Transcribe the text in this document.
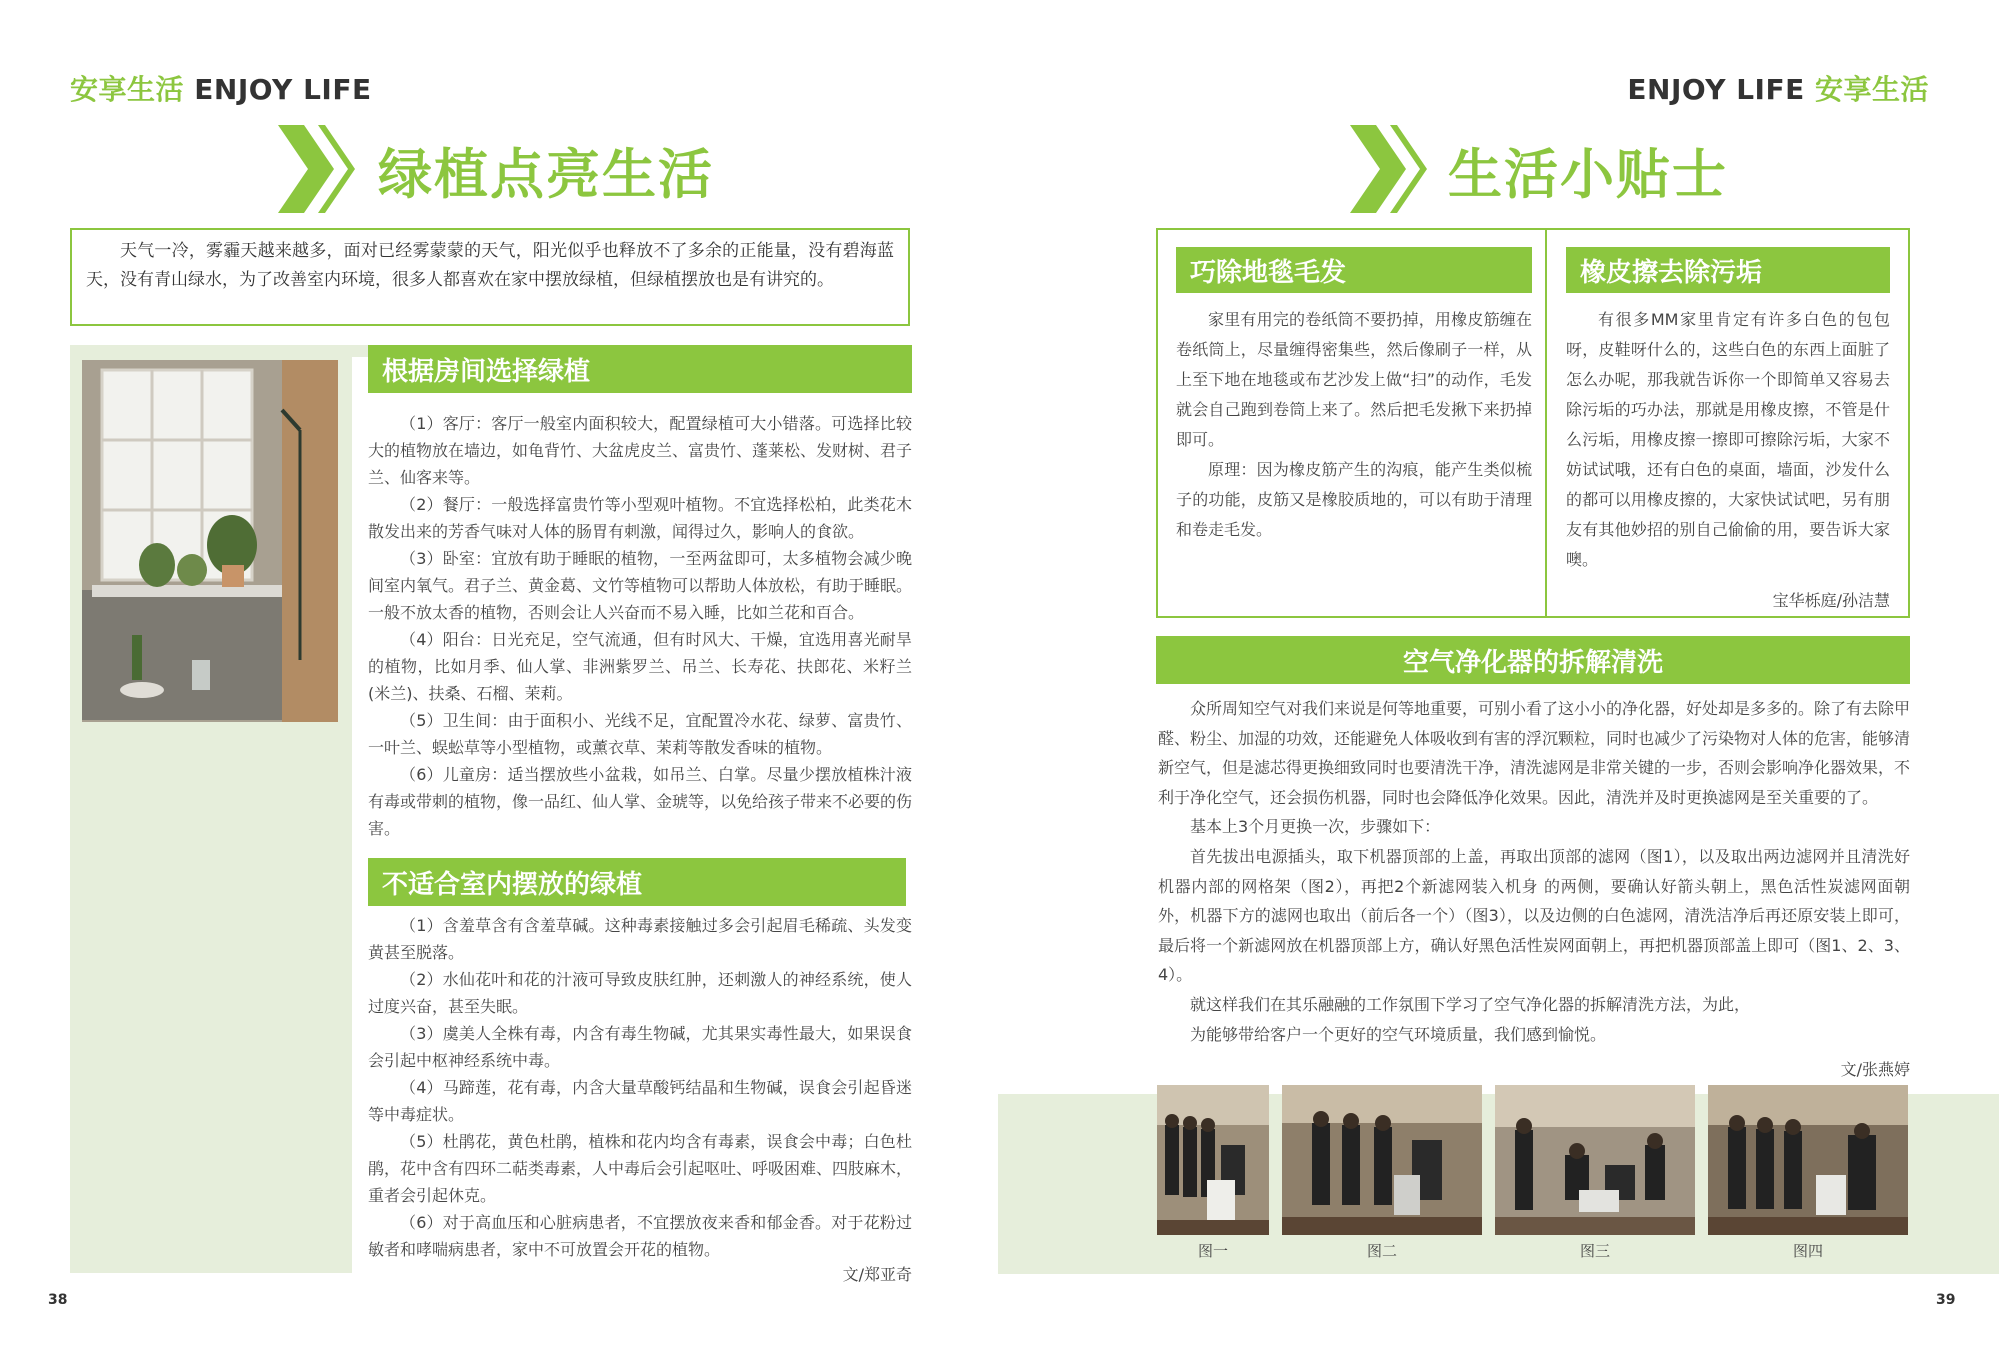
安享生活 ENJOY LIFE	ENJOY LIFE 安享生活
绿植点亮生活
天气一冷，雾霾天越来越多，面对已经雾蒙蒙的天气，阳光似乎也释放不了多余的正能量，没有碧海蓝天，没有青山绿水，为了改善室内环境，很多人都喜欢在家中摆放绿植，但绿植摆放也是有讲究的。
根据房间选择绿植

（1）客厅：客厅一般室内面积较大，配置绿植可大小错落。可选择比较大的植物放在墙边，如龟背竹、大盆虎皮兰、富贵竹、蓬莱松、发财树、君子兰、仙客来等。

（2）餐厅：一般选择富贵竹等小型观叶植物。不宜选择松柏，此类花木散发出来的芳香气味对人体的肠胃有刺激，闻得过久，影响人的食欲。

（3）卧室：宜放有助于睡眠的植物，一至两盆即可，太多植物会减少晚间室内氧气。君子兰、黄金葛、文竹等植物可以帮助人体放松，有助于睡眠。一般不放太香的植物，否则会让人兴奋而不易入睡，比如兰花和百合。

（4）阳台：日光充足，空气流通，但有时风大、干燥，宜选用喜光耐旱的植物，比如月季、仙人掌、非洲紫罗兰、吊兰、长寿花、扶郎花、米籽兰(米兰)、扶桑、石榴、茉莉。

（5）卫生间：由于面积小、光线不足，宜配置冷水花、绿萝、富贵竹、一叶兰、蜈蚣草等小型植物，或薰衣草、茉莉等散发香味的植物。

（6）儿童房：适当摆放些小盆栽，如吊兰、白掌。尽量少摆放植株汁液有毒或带刺的植物，像一品红、仙人掌、金琥等，以免给孩子带来不必要的伤害。

不适合室内摆放的绿植

（1）含羞草含有含羞草碱。这种毒素接触过多会引起眉毛稀疏、头发变黄甚至脱落。

（2）水仙花叶和花的汁液可导致皮肤红肿，还刺激人的神经系统，使人过度兴奋，甚至失眠。

（3）虞美人全株有毒，内含有毒生物碱，尤其果实毒性最大，如果误食会引起中枢神经系统中毒。

（4）马蹄莲，花有毒，内含大量草酸钙结晶和生物碱，误食会引起昏迷等中毒症状。

（5）杜鹃花，黄色杜鹃，植株和花内均含有毒素，误食会中毒；白色杜鹃，花中含有四环二萜类毒素，人中毒后会引起呕吐、呼吸困难、四肢麻木，重者会引起休克。

（6）对于高血压和心脏病患者，不宜摆放夜来香和郁金香。对于花粉过敏者和哮喘病患者，家中不可放置会开花的植物。

文/郑亚奇
38
生活小贴士
巧除地毯毛发

家里有用完的卷纸筒不要扔掉，用橡皮筋缠在卷纸筒上，尽量缠得密集些，然后像刷子一样，从上至下地在地毯或布艺沙发上做“扫”的动作，毛发就会自己跑到卷筒上来了。然后把毛发揪下来扔掉即可。

原理：因为橡皮筋产生的沟痕，能产生类似梳子的功能，皮筋又是橡胶质地的，可以有助于清理和卷走毛发。

橡皮擦去除污垢

有很多MM家里肯定有许多白色的包包呀，皮鞋呀什么的，这些白色的东西上面脏了怎么办呢，那我就告诉你一个即简单又容易去除污垢的巧办法，那就是用橡皮擦，不管是什么污垢，用橡皮擦一擦即可擦除污垢，大家不妨试试哦，还有白色的桌面，墙面，沙发什么的都可以用橡皮擦的，大家快试试吧，另有朋友有其他妙招的别自己偷偷的用，要告诉大家噢。

宝华栎庭/孙洁慧
空气净化器的拆解清洗

众所周知空气对我们来说是何等地重要，可别小看了这小小的净化器，好处却是多多的。除了有去除甲醛、粉尘、加湿的功效，还能避免人体吸收到有害的浮沉颗粒，同时也减少了污染物对人体的危害，能够清新空气，但是滤芯得更换细致同时也要清洗干净，清洗滤网是非常关键的一步，否则会影响净化器效果，不利于净化空气，还会损伤机器，同时也会降低净化效果。因此，清洗并及时更换滤网是至关重要的了。

基本上3个月更换一次，步骤如下：

首先拔出电源插头，取下机器顶部的上盖，再取出顶部的滤网（图1），以及取出两边滤网并且清洗好机器内部的网格架（图2），再把2个新滤网装入机身 的两侧，要确认好箭头朝上，黑色活性炭滤网面朝外，机器下方的滤网也取出（前后各一个）（图3），以及边侧的白色滤网，清洗洁净后再还原安装上即可，最后将一个新滤网放在机器顶部上方，确认好黑色活性炭网面朝上，再把机器顶部盖上即可（图1、2、3、4）。

就这样我们在其乐融融的工作氛围下学习了空气净化器的拆解清洗方法，为此，

为能够带给客户一个更好的空气环境质量，我们感到愉悦。

文/张燕婷
图一	图二	图三	图四
39
